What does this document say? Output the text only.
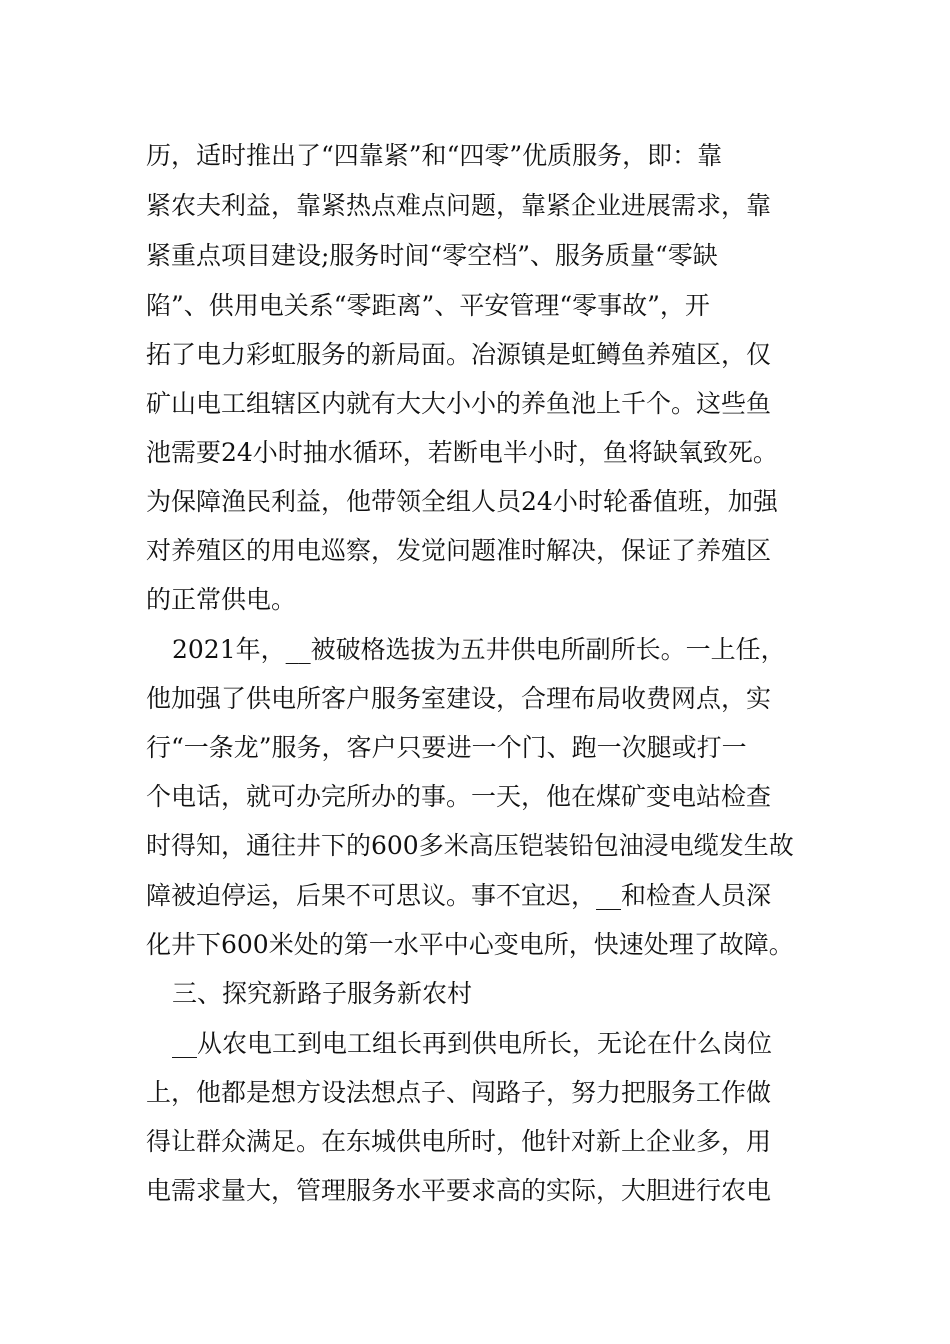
历，适时推出了“四靠紧”和“四零”优质服务，即：靠
紧农夫利益，靠紧热点难点问题，靠紧企业进展需求，靠
紧重点项目建设;服务时间“零空档”、服务质量“零缺
陷”、供用电关系“零距离”、平安管理“零事故”，开
拓了电力彩虹服务的新局面。冶源镇是虹鳟鱼养殖区，仅
矿山电工组辖区内就有大大小小的养鱼池上千个。这些鱼
池需要24小时抽水循环，若断电半小时，鱼将缺氧致死。
为保障渔民利益，他带领全组人员24小时轮番值班，加强
对养殖区的用电巡察，发觉问题准时解决，保证了养殖区
的正常供电。
2021年，__被破格选拔为五井供电所副所长。一上任，
他加强了供电所客户服务室建设，合理布局收费网点，实
行“一条龙”服务，客户只要进一个门、跑一次腿或打一
个电话，就可办完所办的事。一天，他在煤矿变电站检查
时得知，通往井下的600多米高压铠装铅包油浸电缆发生故
障被迫停运，后果不可思议。事不宜迟，__和检查人员深
化井下600米处的第一水平中心变电所，快速处理了故障。
三、探究新路子服务新农村
__从农电工到电工组长再到供电所长，无论在什么岗位
上，他都是想方设法想点子、闯路子，努力把服务工作做
得让群众满足。在东城供电所时，他针对新上企业多，用
电需求量大，管理服务水平要求高的实际，大胆进行农电
